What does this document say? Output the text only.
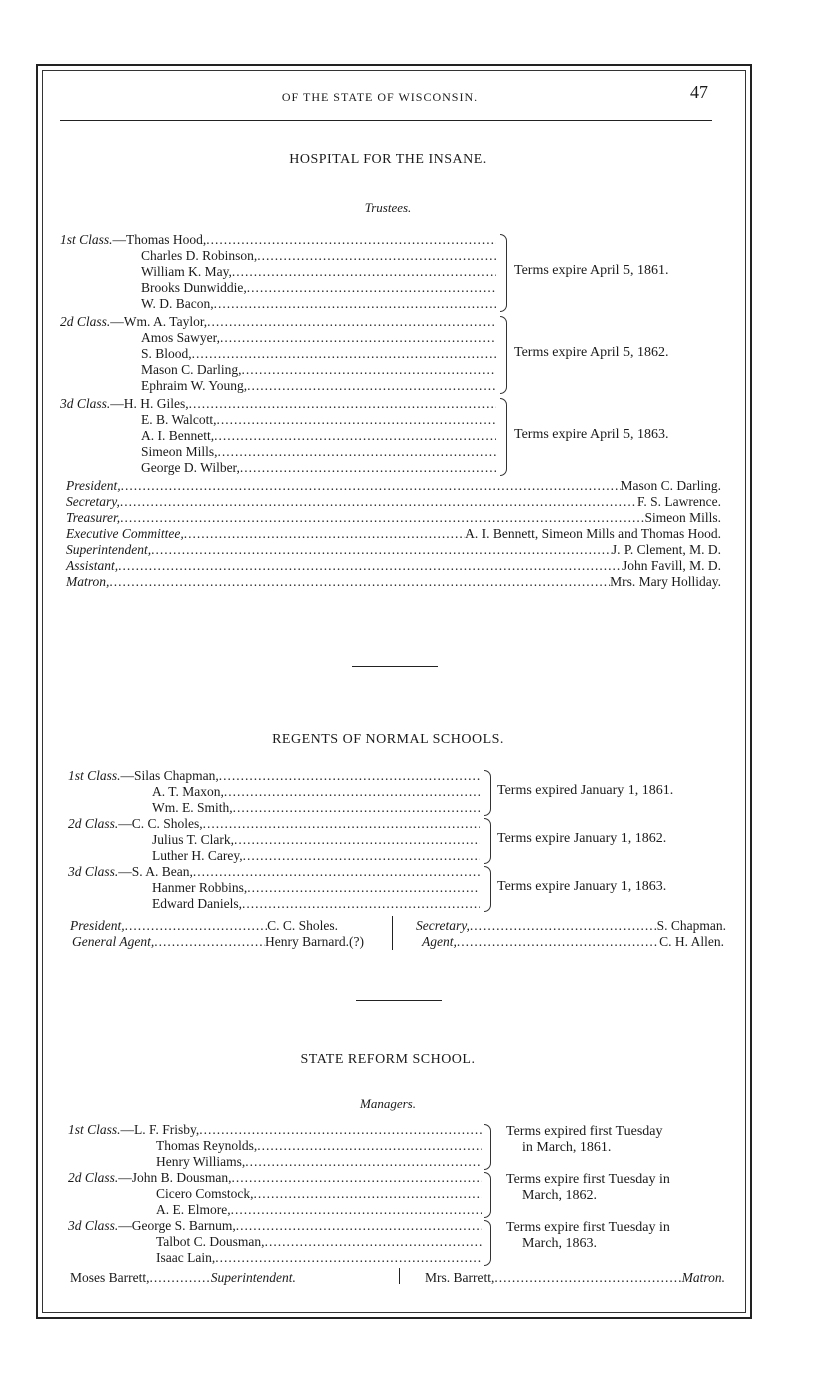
OF THE STATE OF WISCONSIN.	47
HOSPITAL FOR THE INSANE.
Trustees.
1st Class. — Thomas Hood,
.....
Charles D. Robinson,
.....
William K. May,
.....
Brooks Dunwiddie,
.....
W. D. Bacon,
.....
Terms expire April 5, 1861.
2d Class. — Wm. A. Taylor,
.....
Amos Sawyer,
.....
S. Blood,
.....
Mason C. Darling,
.....
Ephraim W. Young,
.....
Terms expire April 5, 1862.
3d Class. — H. H. Giles,
.....
E. B. Walcott,
.....
A. I. Bennett,
.....
Simeon Mills,
.....
George D. Wilber,
.....
Terms expire April 5, 1863.
President, .....	Mason C. Darling.
Secretary, .....	F. S. Lawrence.
Treasurer, .....	Simeon Mills.
Executive Committee, .....	A. I. Bennett, Simeon Mills and Thomas Hood.
Superintendent, .....	J. P. Clement, M. D.
Assistant, .....	John Favill, M. D.
Matron, .....	Mrs. Mary Holliday.
REGENTS OF NORMAL SCHOOLS.
1st Class. — Silas Chapman,
.....
A. T. Maxon,
.....
Wm. E. Smith,
.....
Terms expired January 1, 1861.
2d Class. — C. C. Sholes,
.....
Julius T. Clark,
.....
Luther H. Carey,
.....
Terms expire January 1, 1862.
3d Class. — S. A. Bean,
.....
Hanmer Robbins,
.....
Edward Daniels,
.....
Terms expire January 1, 1863.
President, .....	C. C. Sholes.
General Agent, .....	Henry Barnard.(?)
Secretary, .....	S. Chapman.
Agent, .....	C. H. Allen.
STATE REFORM SCHOOL.
Managers.
1st Class. — L. F. Frisby,
.....
Thomas Reynolds,
.....
Henry Williams,
.....
Terms expired first Tuesday
in March, 1861.
2d Class. — John B. Dousman,
.....
Cicero Comstock,
.....
A. E. Elmore,
.....
Terms expire first Tuesday in
March, 1862.
3d Class. — George S. Barnum,
.....
Talbot C. Dousman,
.....
Isaac Lain,
.....
Terms expire first Tuesday in
March, 1863.
Moses Barrett,..............Superintendent.	Mrs. Barrett, .....	Matron.
